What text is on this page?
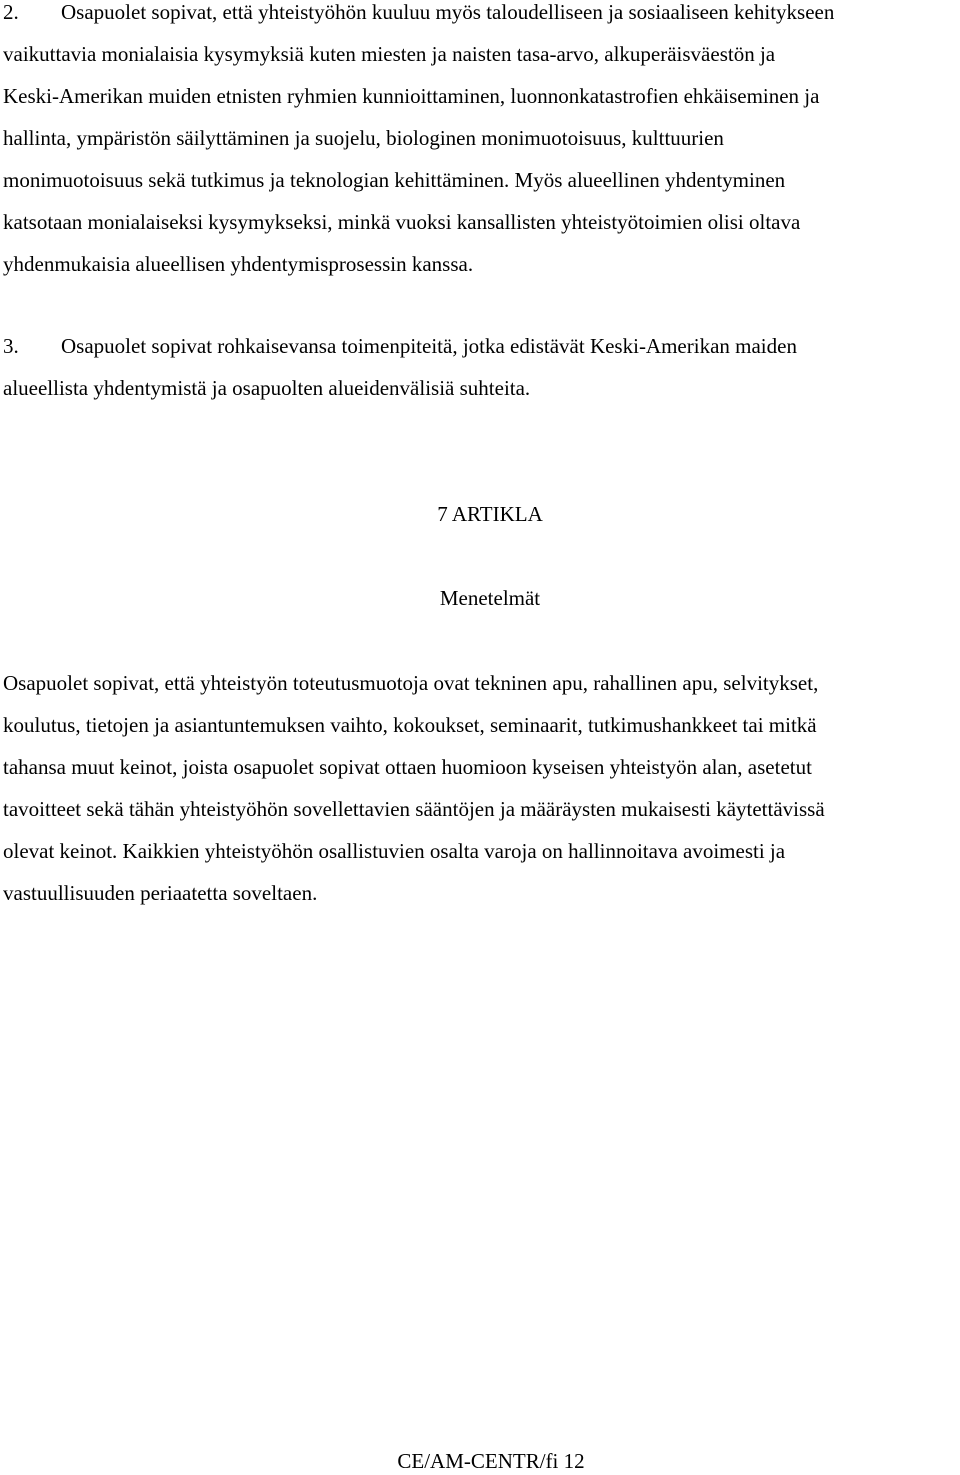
2. Osapuolet sopivat, että yhteistyöhön kuuluu myös taloudelliseen ja sosiaaliseen kehitykseen
vaikuttavia monialaisia kysymyksiä kuten miesten ja naisten tasa-arvo, alkuperäisväestön ja
Keski-Amerikan muiden etnisten ryhmien kunnioittaminen, luonnonkatastrofien ehkäiseminen ja
hallinta, ympäristön säilyttäminen ja suojelu, biologinen monimuotoisuus, kulttuurien
monimuotoisuus sekä tutkimus ja teknologian kehittäminen. Myös alueellinen yhdentyminen
katsotaan monialaiseksi kysymykseksi, minkä vuoksi kansallisten yhteistyötoimien olisi oltava
yhdenmukaisia alueellisen yhdentymisprosessin kanssa.
3. Osapuolet sopivat rohkaisevansa toimenpiteitä, jotka edistävät Keski-Amerikan maiden
alueellista yhdentymistä ja osapuolten alueidenvälisiä suhteita.
7 ARTIKLA
Menetelmät
Osapuolet sopivat, että yhteistyön toteutusmuotoja ovat tekninen apu, rahallinen apu, selvitykset,
koulutus, tietojen ja asiantuntemuksen vaihto, kokoukset, seminaarit, tutkimushankkeet tai mitkä
tahansa muut keinot, joista osapuolet sopivat ottaen huomioon kyseisen yhteistyön alan, asetetut
tavoitteet sekä tähän yhteistyöhön sovellettavien sääntöjen ja määräysten mukaisesti käytettävissä
olevat keinot. Kaikkien yhteistyöhön osallistuvien osalta varoja on hallinnoitava avoimesti ja
vastuullisuuden periaatetta soveltaen.
CE/AM-CENTR/fi 12
